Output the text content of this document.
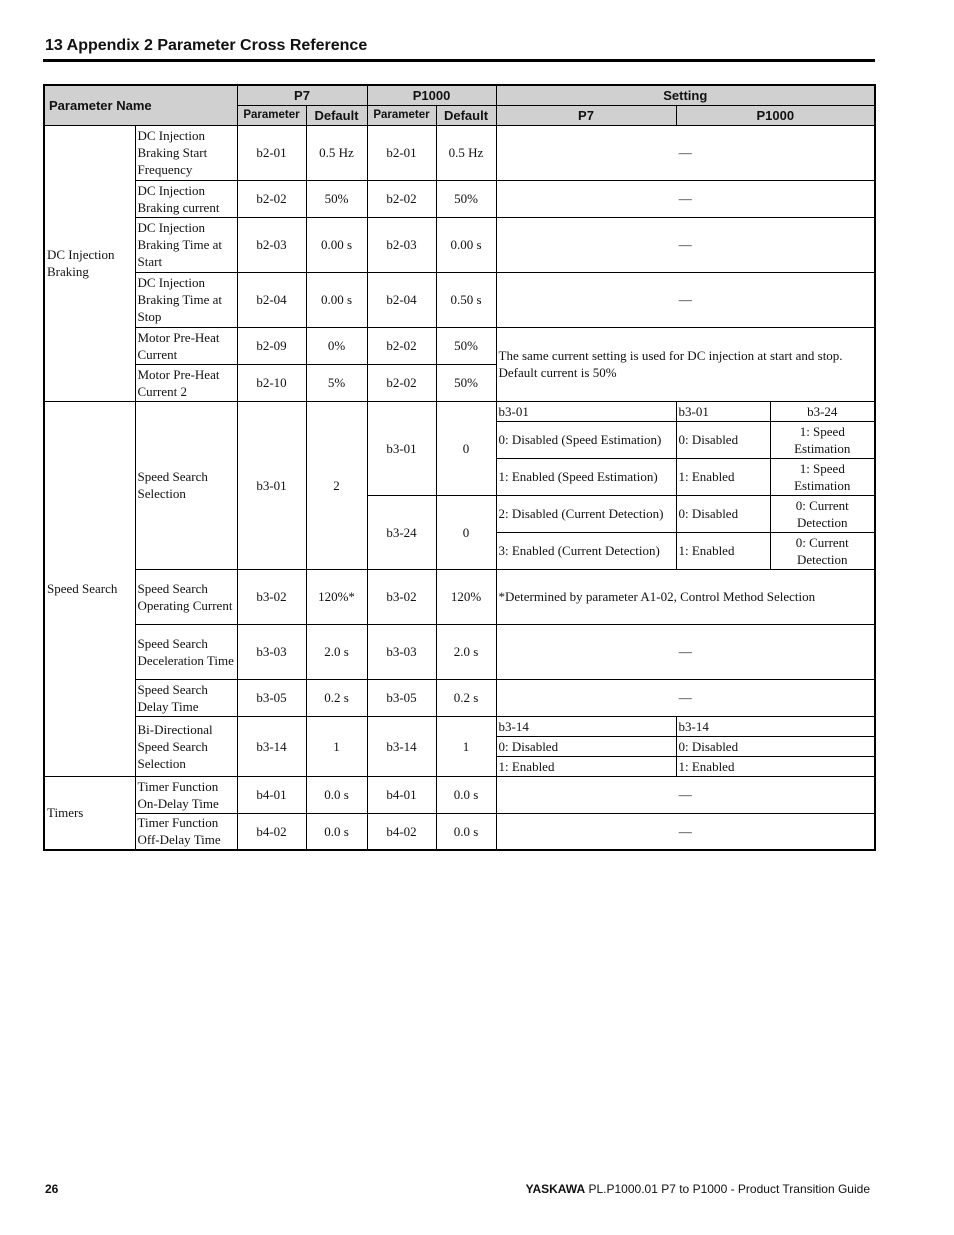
13 Appendix 2 Parameter Cross Reference
Parameter Name		P7		P1000		Setting		
		Parameter	Default	Parameter	Default	P7	P1000	
DC Injection Braking	DC Injection Braking Start Frequency	b2-01	0.5 Hz	b2-01	0.5 Hz	—		
	DC Injection Braking current	b2-02	50%	b2-02	50%	—		
	DC Injection Braking Time at Start	b2-03	0.00 s	b2-03	0.00 s	—		
	DC Injection Braking Time at Stop	b2-04	0.00 s	b2-04	0.50 s	—		
	Motor Pre-Heat Current	b2-09	0%	b2-02	50%	The same current setting is used for DC injection at start and stop. Default current is 50%		
	Motor Pre-Heat Current 2	b2-10	5%	b2-02	50%			
Speed Search	Speed Search Selection	b3-01	2	b3-01	0	b3-01	b3-01	b3-24
						0: Disabled (Speed Estimation)	0: Disabled	1: Speed Estimation
						1: Enabled (Speed Estimation)	1: Enabled	1: Speed Estimation
				b3-24	0	2: Disabled (Current Detection)	0: Disabled	0: Current Detection
						3: Enabled (Current Detection)	1: Enabled	0: Current Detection
	Speed Search Operating Current	b3-02	120%*	b3-02	120%	*Determined by parameter A1-02, Control Method Selection		
	Speed Search Deceleration Time	b3-03	2.0 s	b3-03	2.0 s	—		
	Speed Search Delay Time	b3-05	0.2 s	b3-05	0.2 s	—		
	Bi-Directional Speed Search Selection	b3-14	1	b3-14	1	b3-14	b3-14	
						0: Disabled	0: Disabled	
						1: Enabled	1: Enabled	
Timers	Timer Function On-Delay Time	b4-01	0.0 s	b4-01	0.0 s	—		
	Timer Function Off-Delay Time	b4-02	0.0 s	b4-02	0.0 s	—		
26	YASKAWA PL.P1000.01 P7 to P1000 - Product Transition Guide
